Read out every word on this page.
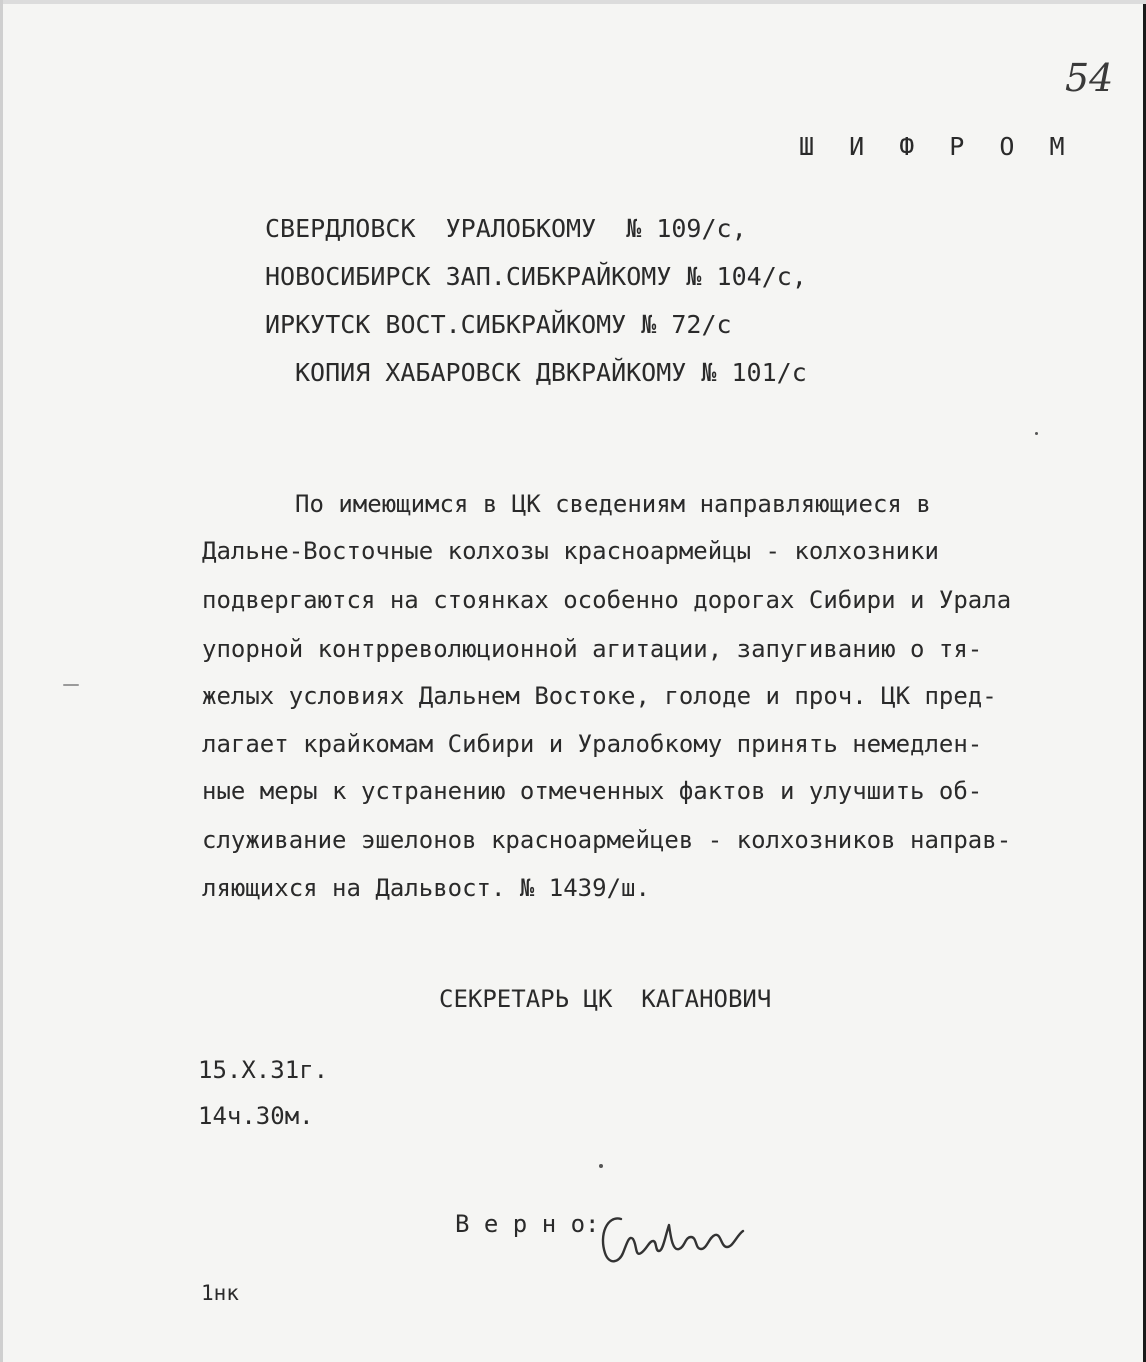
54

Ш И Ф Р О М

СВЕРДЛОВСК  УРАЛОБКОМУ  № 109/с,

НОВОСИБИРСК ЗАП.СИБКРАЙКОМУ № 104/с,

ИРКУТСК ВОСТ.СИБКРАЙКОМУ № 72/с

КОПИЯ ХАБАРОВСК ДВКРАЙКОМУ № 101/с

По имеющимся в ЦК сведениям направляющиеся в

Дальне-Восточные колхозы красноармейцы - колхозники

подвергаются на стоянках особенно дорогах Сибири и Урала

упорной контрреволюционной агитации, запугиванию о тя-

желых условиях Дальнем Востоке, голоде и проч. ЦК пред-

лагает крайкомам Сибири и Уралобкому принять немедлен-

ные меры к устранению отмеченных фактов и улучшить об-

служивание эшелонов красноармейцев - колхозников направ-

ляющихся на Дальвост. № 1439/ш.

СЕКРЕТАРЬ ЦК  КАГАНОВИЧ

15.X.31г.

14ч.30м.

В е р н о:

1нк
